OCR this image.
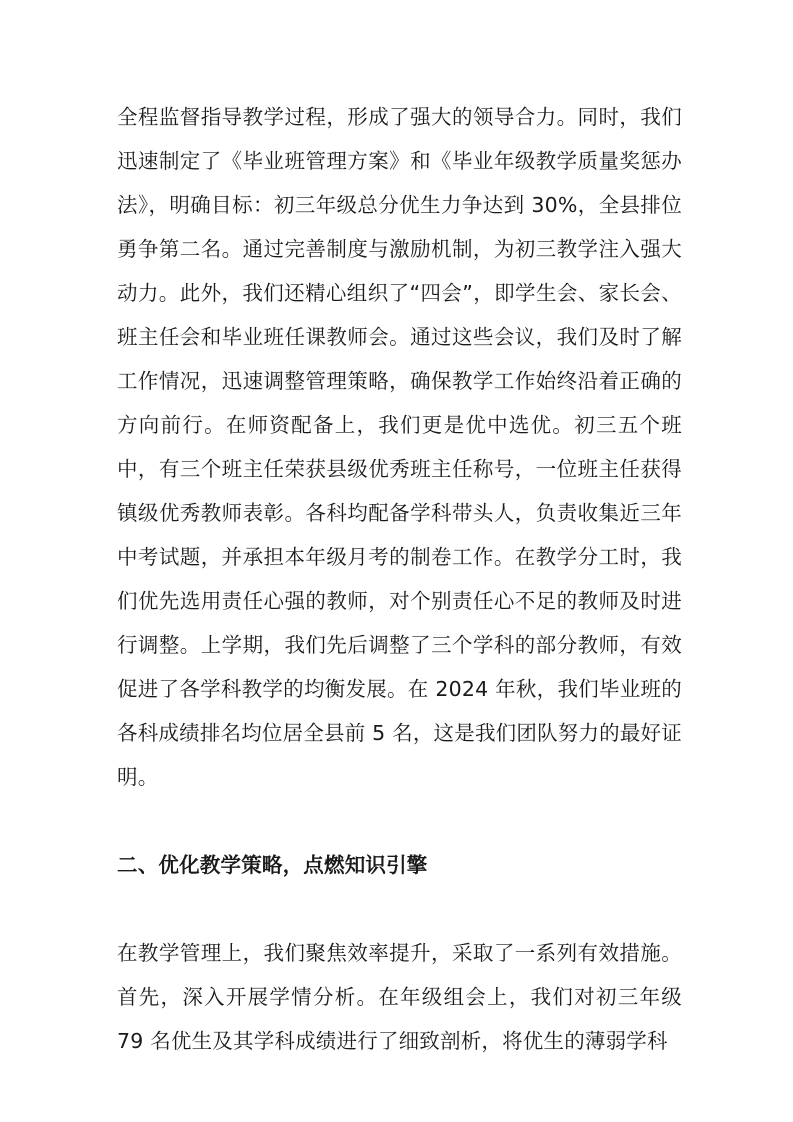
全程监督指导教学过程，形成了强大的领导合力。同时，我们迅速制定了《毕业班管理方案》和《毕业年级教学质量奖惩办法》，明确目标：初三年级总分优生力争达到 30%，全县排位勇争第二名。通过完善制度与激励机制，为初三教学注入强大动力。此外，我们还精心组织了“四会”，即学生会、家长会、班主任会和毕业班任课教师会。通过这些会议，我们及时了解工作情况，迅速调整管理策略，确保教学工作始终沿着正确的方向前行。在师资配备上，我们更是优中选优。初三五个班中，有三个班主任荣获县级优秀班主任称号，一位班主任获得镇级优秀教师表彰。各科均配备学科带头人，负责收集近三年中考试题，并承担本年级月考的制卷工作。在教学分工时，我们优先选用责任心强的教师，对个别责任心不足的教师及时进行调整。上学期，我们先后调整了三个学科的部分教师，有效促进了各学科教学的均衡发展。在 2024 年秋，我们毕业班的各科成绩排名均位居全县前 5 名，这是我们团队努力的最好证明。

二、优化教学策略，点燃知识引擎

在教学管理上，我们聚焦效率提升，采取了一系列有效措施。首先，深入开展学情分析。在年级组会上，我们对初三年级 79 名优生及其学科成绩进行了细致剖析，将优生的薄弱学科
